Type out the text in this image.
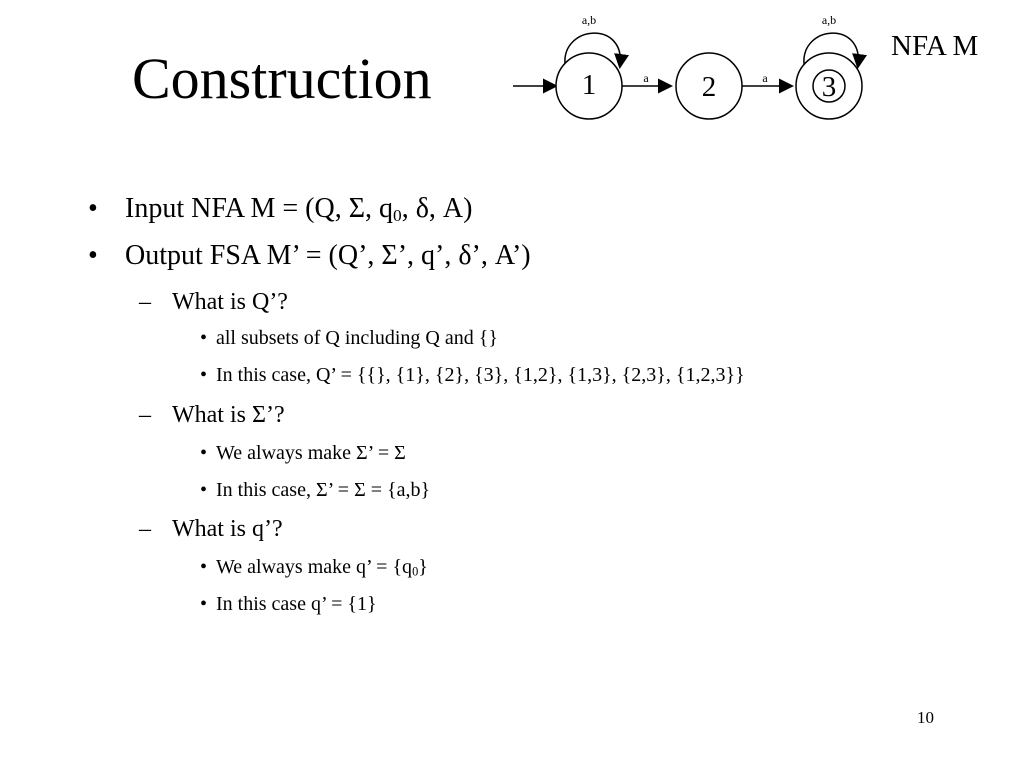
Construction
a,b
1	a 2	a
a,b
3
NFA M
• Input NFA M = (Q, Σ, $q_0$, δ, A)
• Output FSA M’ = (Q’, Σ’, q’, δ’, A’)
– What is Q’?
• all subsets of Q including Q and {}
• In this case, Q’ = {{}, {1}, {2}, {3}, {1,2}, {1,3}, {2,3}, {1,2,3}}
– What is Σ’?
• We always make Σ’ = Σ
• In this case, Σ’ = Σ = {a,b}
– What is q’?
• We always make q’ = $\{q_0\}$
• In this case q’ = {1}
10
